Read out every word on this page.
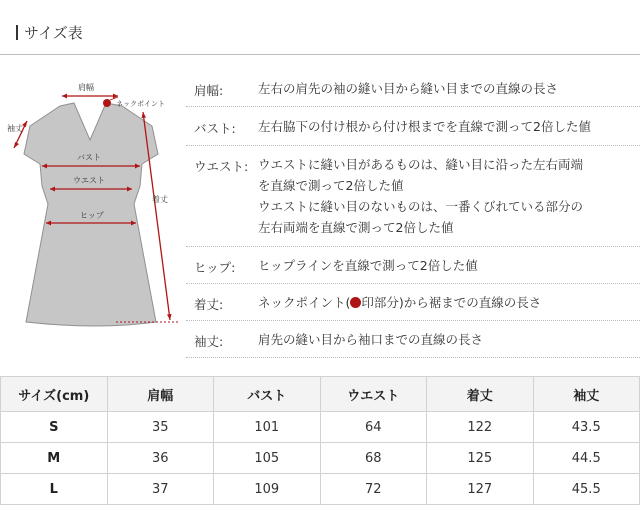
サイズ表
肩幅
ネックポイント
袖丈
バスト
ウエスト
ヒップ
着丈
肩幅:	左右の肩先の袖の縫い目から縫い目までの直線の長さ
バスト: 左右脇下の付け根から付け根までを直線で測って2倍した値
ウエスト: ウエストに縫い目があるものは、縫い目に沿った左右両端
を直線で測って2倍した値
ウエストに縫い目のないものは、一番くびれている部分の
左右両端を直線で測って2倍した値
ヒップ: ヒップラインを直線で測って2倍した値
着丈:	ネックポイント( 印部分)から裾までの直線の長さ
袖丈:	肩先の縫い目から袖口までの直線の長さ
サイズ(cm)	肩幅	バスト	ウエスト	着丈	袖丈
S	35	101	64	122	43.5
M	36	105	68	125	44.5
L	37	109	72	127	45.5
